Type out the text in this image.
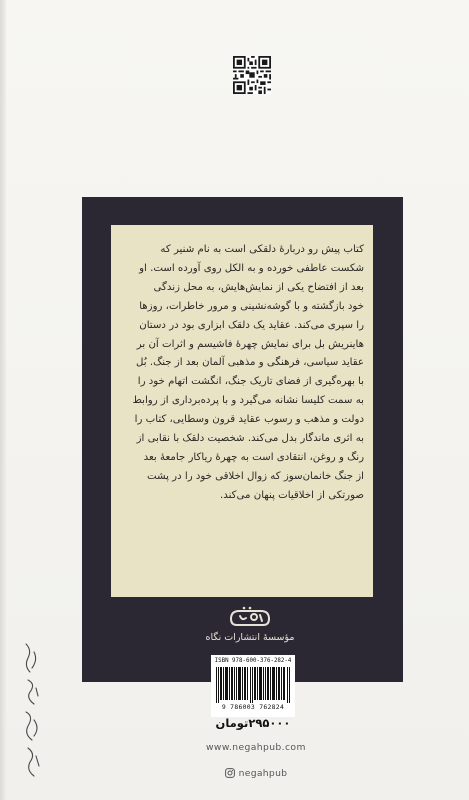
کتاب پیش رو دربارهٔ دلقکی است به نام شنیر که
شکست عاطفی خورده و به الکل روی آورده است. او
بعد از افتضاح یکی از نمایش‌هایش، به محل زندگی
خود بازگشته و با گوشه‌نشینی و مرور خاطرات، روزها
را سپری می‌کند. عقاید یک دلقک ابزاری بود در دستان
هاینریش بل برای نمایش چهرهٔ فاشیسم و اثرات آن بر
عقاید سیاسی، فرهنگی و مذهبی آلمان بعد از جنگ. بُل
با بهره‌گیری از فضای تاریک جنگ، انگشت اتهام خود را
به سمت کلیسا نشانه می‌گیرد و با پرده‌برداری از روابط
دولت و مذهب و رسوب عقاید قرون وسطایی، کتاب را
به اثری ماندگار بدل می‌کند. شخصیت دلقک با نقابی از
رنگ و روغن، انتقادی است به چهرهٔ ریاکار جامعهٔ بعد
از جنگ خانمان‌سوز که زوال اخلاقی خود را در پشت
صورتکی از اخلاقیات پنهان می‌کند.

مؤسسهٔ انتشارات نگاه
ISBN 978-600-376-282-4
9 786003 762824
۲۹۵۰۰۰تومان
www.negahpub.com
negahpub
